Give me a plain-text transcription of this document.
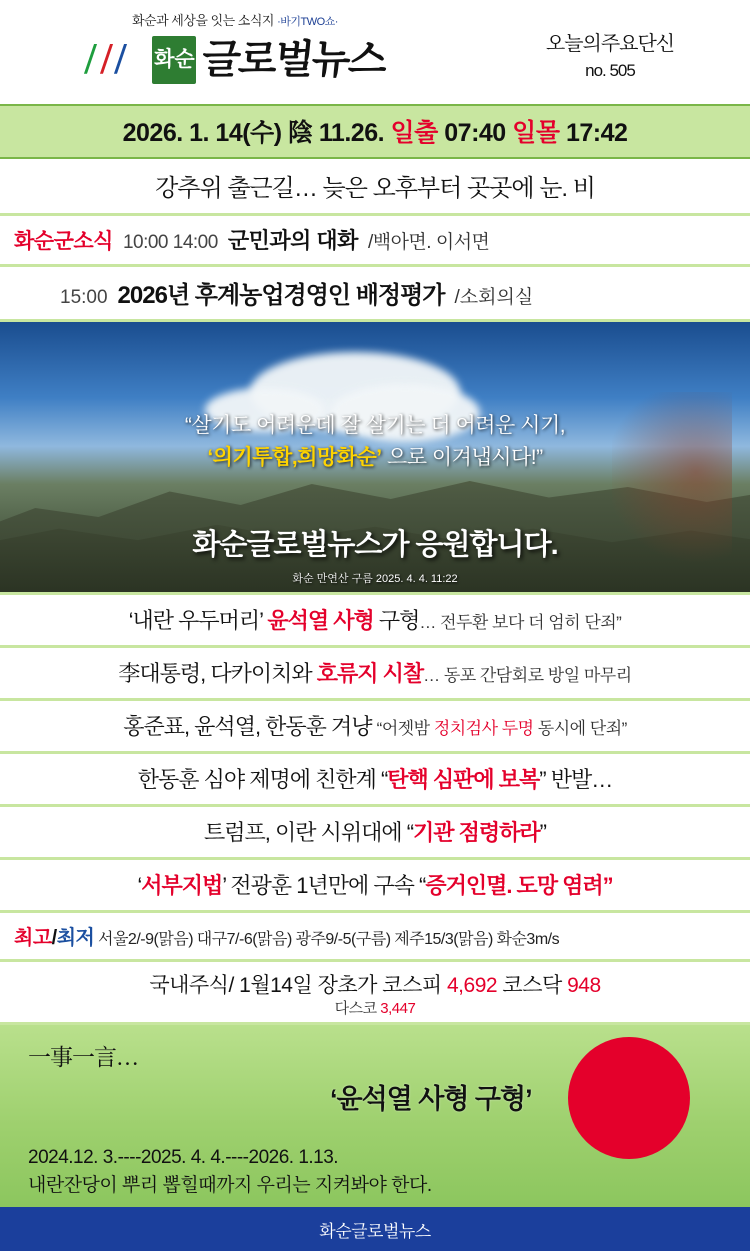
화순과 세상을 잇는 소식지 ·바기TWO쇼·
/ / / 화순 글로벌뉴스	오늘의주요단신
no. 505
2026. 1. 14(수) 陰 11.26. 일출 07:40 일몰 17:42
강추위 출근길… 늦은 오후부터 곳곳에 눈. 비
화순군소식 10:00 14:00 군민과의 대화 /백아면. 이서면
15:00 2026년 후계농업경영인 배정평가 /소회의실
“살기도 어려운데 잘 살기는 더 어려운 시기,
‘의기투합,희망화순’ 으로 이겨냅시다!”
화순글로벌뉴스가 응원합니다.
화순 만연산 구름 2025. 4. 4. 11:22
‘내란 우두머리’ 윤석열 사형 구형… 전두환 보다 더 엄히 단죄”
李대통령, 다카이치와 호류지 시찰… 동포 간담회로 방일 마무리
홍준표, 윤석열, 한동훈 겨냥 “어젯밤 정치검사 두명 동시에 단죄”
한동훈 심야 제명에 친한계 “탄핵 심판에 보복” 반발…
트럼프, 이란 시위대에 “기관 점령하라”
‘서부지법’ 전광훈 1년만에 구속 “증거인멸. 도망 염려”
최고/최저 서울2/-9(맑음) 대구7/-6(맑음) 광주9/-5(구름) 제주15/3(맑음) 화순3m/s
국내주식/ 1월14일 장초가 코스피 4,692 코스닥 948
다스코 3,447
一事一言…
‘윤석열 사형 구형’
2024.12. 3.----2025. 4. 4.----2026. 1.13.
내란잔당이 뿌리 뽑힐때까지 우리는 지켜봐야 한다.
화순글로벌뉴스
